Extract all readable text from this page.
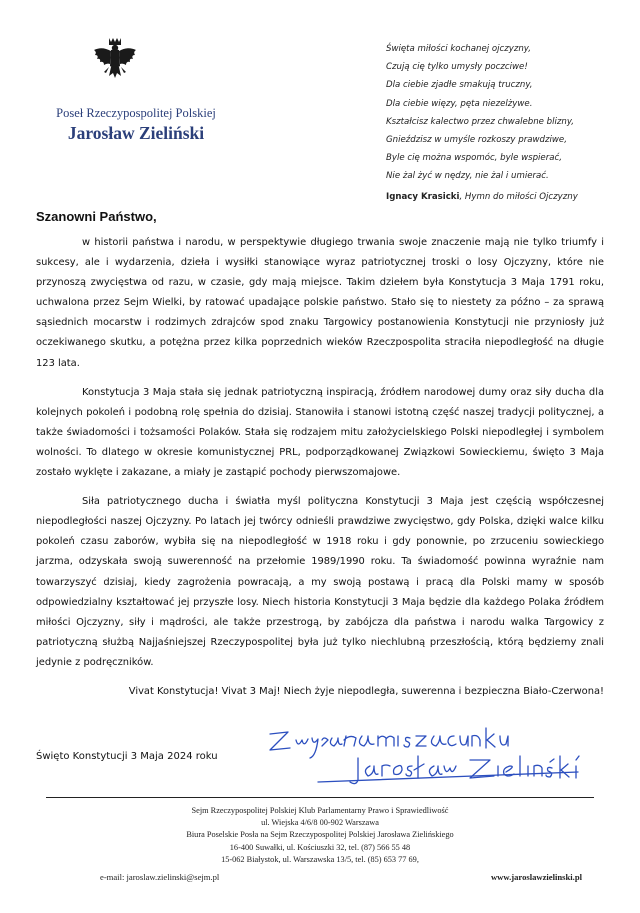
Poseł Rzeczypospolitej Polskiej
Jarosław Zieliński
Święta miłości kochanej ojczyzny,
Czują cię tylko umysły poczciwe!
Dla ciebie zjadłe smakują truczny,
Dla ciebie więzy, pęta niezelżywe.
Kształcisz kalectwo przez chwalebne blizny,
Gnieździsz w umyśle rozkoszy prawdziwe,
Byle cię można wspomóc, byle wspierać,
Nie żal żyć w nędzy, nie żal i umierać.
Ignacy Krasicki, Hymn do miłości Ojczyzny
Szanowni Państwo,

w historii państwa i narodu, w perspektywie długiego trwania swoje znaczenie mają nie tylko triumfy i sukcesy, ale i wydarzenia, dzieła i wysiłki stanowiące wyraz patriotycznej troski o losy Ojczyzny, które nie przynoszą zwycięstwa od razu, w czasie, gdy mają miejsce. Takim dziełem była Konstytucja 3 Maja 1791 roku, uchwalona przez Sejm Wielki, by ratować upadające polskie państwo. Stało się to niestety za późno – za sprawą sąsiednich mocarstw i rodzimych zdrajców spod znaku Targowicy postanowienia Konstytucji nie przyniosły już oczekiwanego skutku, a potężna przez kilka poprzednich wieków Rzeczpospolita straciła niepodległość na długie 123 lata.

Konstytucja 3 Maja stała się jednak patriotyczną inspiracją, źródłem narodowej dumy oraz siły ducha dla kolejnych pokoleń i podobną rolę spełnia do dzisiaj. Stanowiła i stanowi istotną część naszej tradycji politycznej, a także świadomości i tożsamości Polaków. Stała się rodzajem mitu założycielskiego Polski niepodległej i symbolem wolności. To dlatego w okresie komunistycznej PRL, podporządkowanej Związkowi Sowieckiemu, święto 3 Maja zostało wyklęte i zakazane, a miały je zastąpić pochody pierwszomajowe.

Siła patriotycznego ducha i światła myśl polityczna Konstytucji 3 Maja jest częścią współczesnej niepodległości naszej Ojczyzny. Po latach jej twórcy odnieśli prawdziwe zwycięstwo, gdy Polska, dzięki walce kilku pokoleń czasu zaborów, wybiła się na niepodległość w 1918 roku i gdy ponownie, po zrzuceniu sowieckiego jarzma, odzyskała swoją suwerenność na przełomie 1989/1990 roku. Ta świadomość powinna wyraźnie nam towarzyszyć dzisiaj, kiedy zagrożenia powracają, a my swoją postawą i pracą dla Polski mamy w sposób odpowiedzialny kształtować jej przyszłe losy. Niech historia Konstytucji 3 Maja będzie dla każdego Polaka źródłem miłości Ojczyzny, siły i mądrości, ale także przestrogą, by zabójcza dla państwa i narodu walka Targowicy z patriotyczną służbą Najjaśniejszej Rzeczypospolitej była już tylko niechlubną przeszłością, którą będziemy znali jedynie z podręczników.

Vivat Konstytucja! Vivat 3 Maj! Niech żyje niepodległa, suwerenna i bezpieczna Biało-Czerwona!

Święto Konstytucji 3 Maja 2024 roku
Sejm Rzeczypospolitej Polskiej Klub Parlamentarny Prawo i Sprawiedliwość
ul. Wiejska 4/6/8 00-902 Warszawa
Biura Poselskie Posła na Sejm Rzeczypospolitej Polskiej Jarosława Zielińskiego
16-400 Suwałki, ul. Kościuszki 32, tel. (87) 566 55 48
15-062 Białystok, ul. Warszawska 13/5, tel. (85) 653 77 69,
e-mail: jaroslaw.zielinski@sejm.pl	www.jaroslawzielinski.pl
